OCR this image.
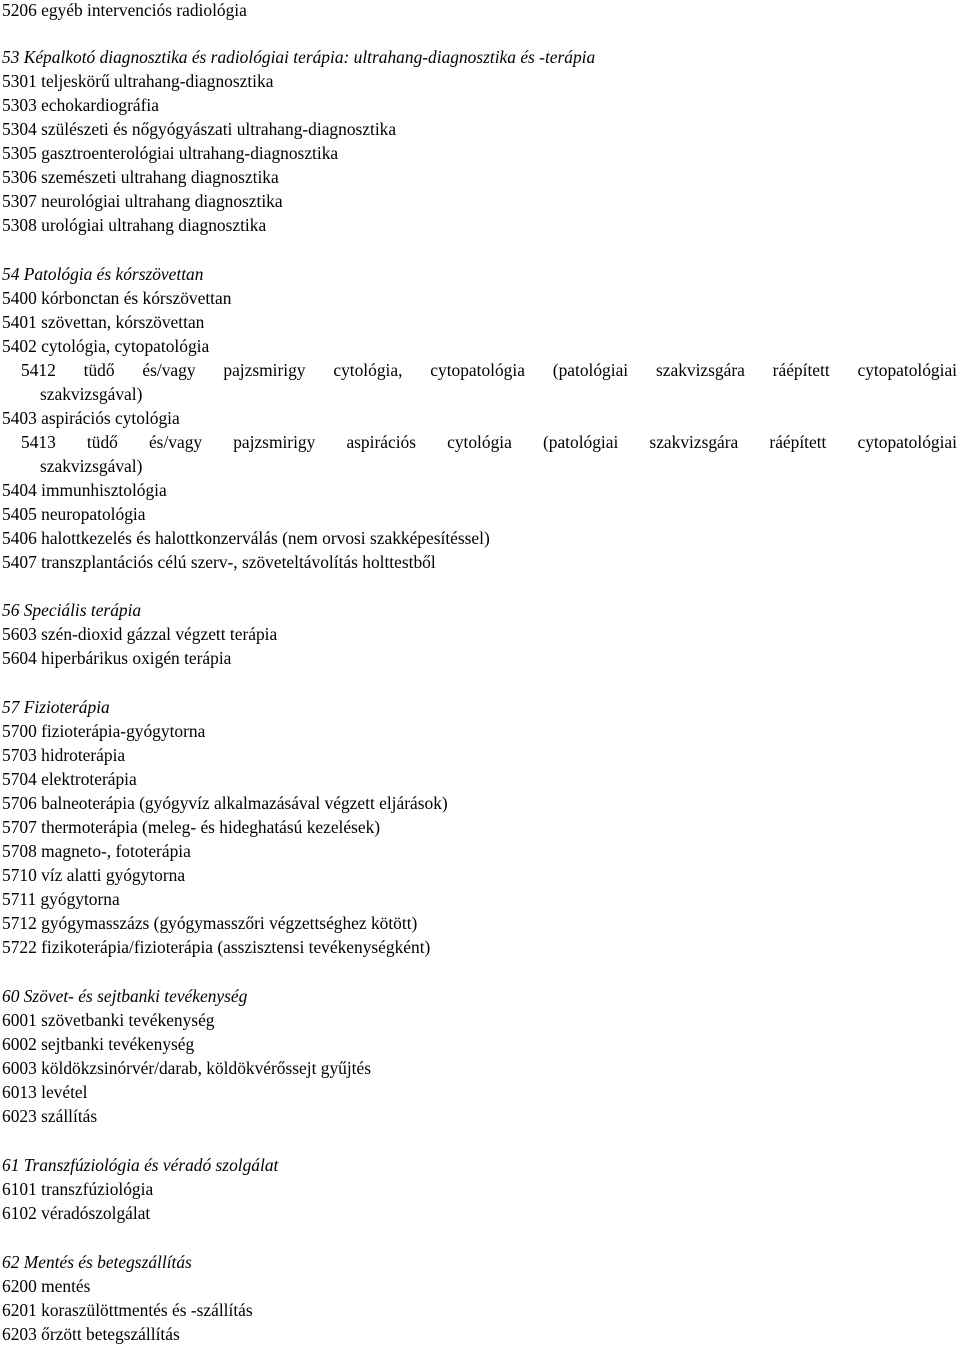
5206 egyéb intervenciós radiológia
53 Képalkotó diagnosztika és radiológiai terápia: ultrahang-diagnosztika és -terápia
5301 teljeskörű ultrahang-diagnosztika
5303 echokardiográfia
5304 szülészeti és nőgyógyászati ultrahang-diagnosztika
5305 gasztroenterológiai ultrahang-diagnosztika
5306 szemészeti ultrahang diagnosztika
5307 neurológiai ultrahang diagnosztika
5308 urológiai ultrahang diagnosztika
54 Patológia és kórszövettan
5400 kórbonctan és kórszövettan
5401 szövettan, kórszövettan
5402 cytológia, cytopatológia
5412 tüdő és/vagy pajzsmirigy cytológia, cytopatológia (patológiai szakvizsgára ráépített cytopatológiai
szakvizsgával)
5403 aspirációs cytológia
5413 tüdő és/vagy pajzsmirigy aspirációs cytológia (patológiai szakvizsgára ráépített cytopatológiai
szakvizsgával)
5404 immunhisztológia
5405 neuropatológia
5406 halottkezelés és halottkonzerválás (nem orvosi szakképesítéssel)
5407 transzplantációs célú szerv-, szöveteltávolítás holttestből
56 Speciális terápia
5603 szén-dioxid gázzal végzett terápia
5604 hiperbárikus oxigén terápia
57 Fizioterápia
5700 fizioterápia-gyógytorna
5703 hidroterápia
5704 elektroterápia
5706 balneoterápia (gyógyvíz alkalmazásával végzett eljárások)
5707 thermoterápia (meleg- és hideghatású kezelések)
5708 magneto-, fototerápia
5710 víz alatti gyógytorna
5711 gyógytorna
5712 gyógymasszázs (gyógymasszőri végzettséghez kötött)
5722 fizikoterápia/fizioterápia (asszisztensi tevékenységként)
60 Szövet- és sejtbanki tevékenység
6001 szövetbanki tevékenység
6002 sejtbanki tevékenység
6003 köldökzsinórvér/darab, köldökvérőssejt gyűjtés
6013 levétel
6023 szállítás
61 Transzfúziológia és véradó szolgálat
6101 transzfúziológia
6102 véradószolgálat
62 Mentés és betegszállítás
6200 mentés
6201 koraszülöttmentés és -szállítás
6203 őrzött betegszállítás
